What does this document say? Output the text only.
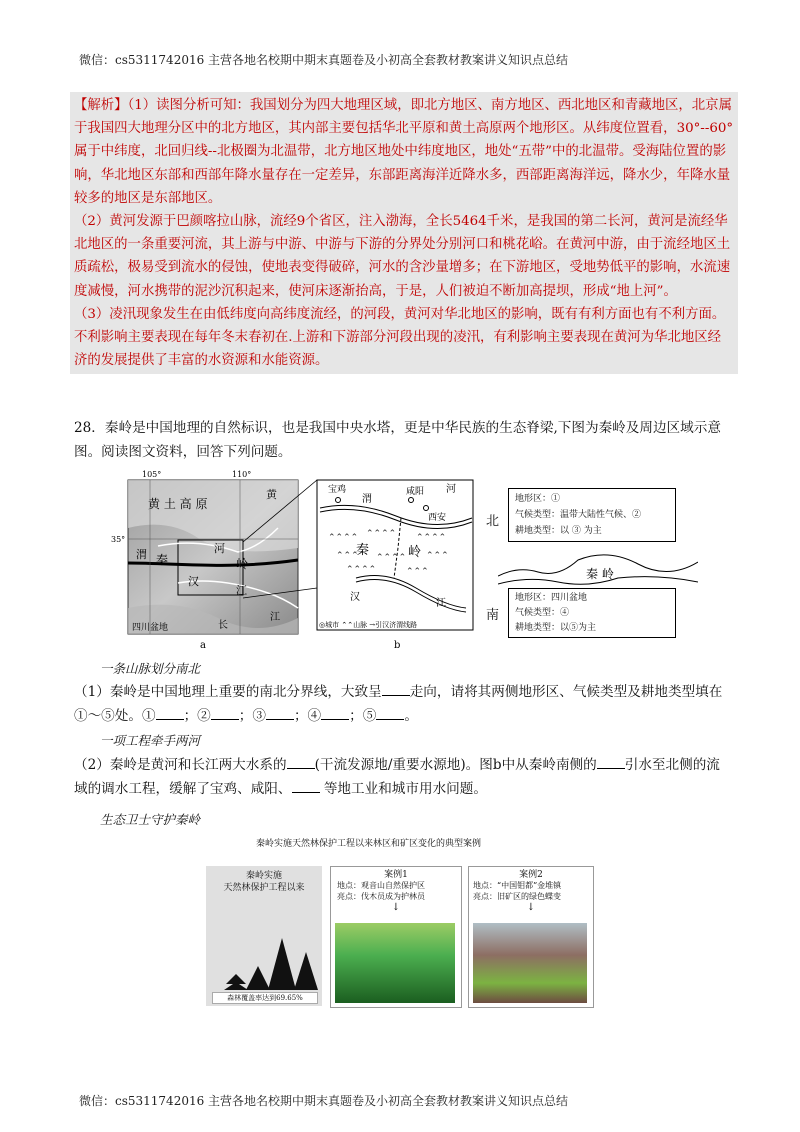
微信：cs5311742016 主营各地名校期中期末真题卷及小初高全套教材教案讲义知识点总结

【解析】（1）读图分析可知：我国划分为四大地理区域，即北方地区、南方地区、西北地区和青藏地区，北京属于我国四大地理分区中的北方地区，其内部主要包括华北平原和黄土高原两个地形区。从纬度位置看，30°--60°属于中纬度，北回归线--北极圈为北温带，北方地区地处中纬度地区，地处“五带”中的北温带。受海陆位置的影响，华北地区东部和西部年降水量存在一定差异，东部距离海洋近降水多，西部距离海洋远，降水少，年降水量较多的地区是东部地区。

（2）黄河发源于巴颜喀拉山脉，流经9个省区，注入渤海，全长5464千米，是我国的第二长河，黄河是流经华北地区的一条重要河流，其上游与中游、中游与下游的分界处分别河口和桃花峪。在黄河中游，由于流经地区土质疏松，极易受到流水的侵蚀，使地表变得破碎，河水的含沙量增多；在下游地区，受地势低平的影响，水流速度减慢，河水携带的泥沙沉积起来，使河床逐渐抬高，于是，人们被迫不断加高提坝，形成“地上河”。

（3）凌汛现象发生在由低纬度向高纬度流经，的河段，黄河对华北地区的影响，既有有利方面也有不利方面。不利影响主要表现在每年冬末春初在.上游和下游部分河段出现的凌汛，有利影响主要表现在黄河为华北地区经济的发展提供了丰富的水资源和水能资源。

28．秦岭是中国地理的自然标识，也是我国中央水塔，更是中华民族的生态脊梁,下图为秦岭及周边区域示意图。阅读图文资料，回答下列问题。

105°	110°
35°
黄 土 高 原
黄
渭 秦
河
岭
汉
江
四川盆地	长
江
a
⌃⌃⌃⌃ ⌃⌃⌃⌃ ⌃⌃⌃⌃
⌃⌃⌃ ⌃⌃⌃⌃ ⌃⌃⌃
⌃⌃⌃⌃	⌃⌃⌃
宝鸡	咸阳
西安
渭
河
秦	岭
汉
江
◎城市 ⌃⌃山脉 →引汉济渭线路
b
北
南
地形区：①
气候类型：温带大陆性气候、②
耕地类型：以 ③ 为主
秦 岭
地形区：四川盆地
气候类型：④
耕地类型：以⑤为主
一条山脉划分南北

（1）秦岭是中国地理上重要的南北分界线，大致呈 走向，请将其两侧地形区、气候类型及耕地类型填在①～⑤处。① ；② ；③ ；④ ；⑤ 。

一项工程牵手两河

（2）秦岭是黄河和长江两大水系的 (干流发源地/重要水源地)。图b中从秦岭南侧的 引水至北侧的流域的调水工程，缓解了宝鸡、咸阳、 等地工业和城市用水问题。

生态卫士守护秦岭
秦岭实施天然林保护工程以来林区和矿区变化的典型案例
秦岭实施
天然林保护工程以来
森林覆盖率达到69.65%
案例1
地点：观音山自然保护区
亮点：伐木员成为护林员
↓
案例2
地点：“中国钼都”金堆镇
亮点：旧矿区的绿色蝶变
↓
微信：cs5311742016 主营各地名校期中期末真题卷及小初高全套教材教案讲义知识点总结
